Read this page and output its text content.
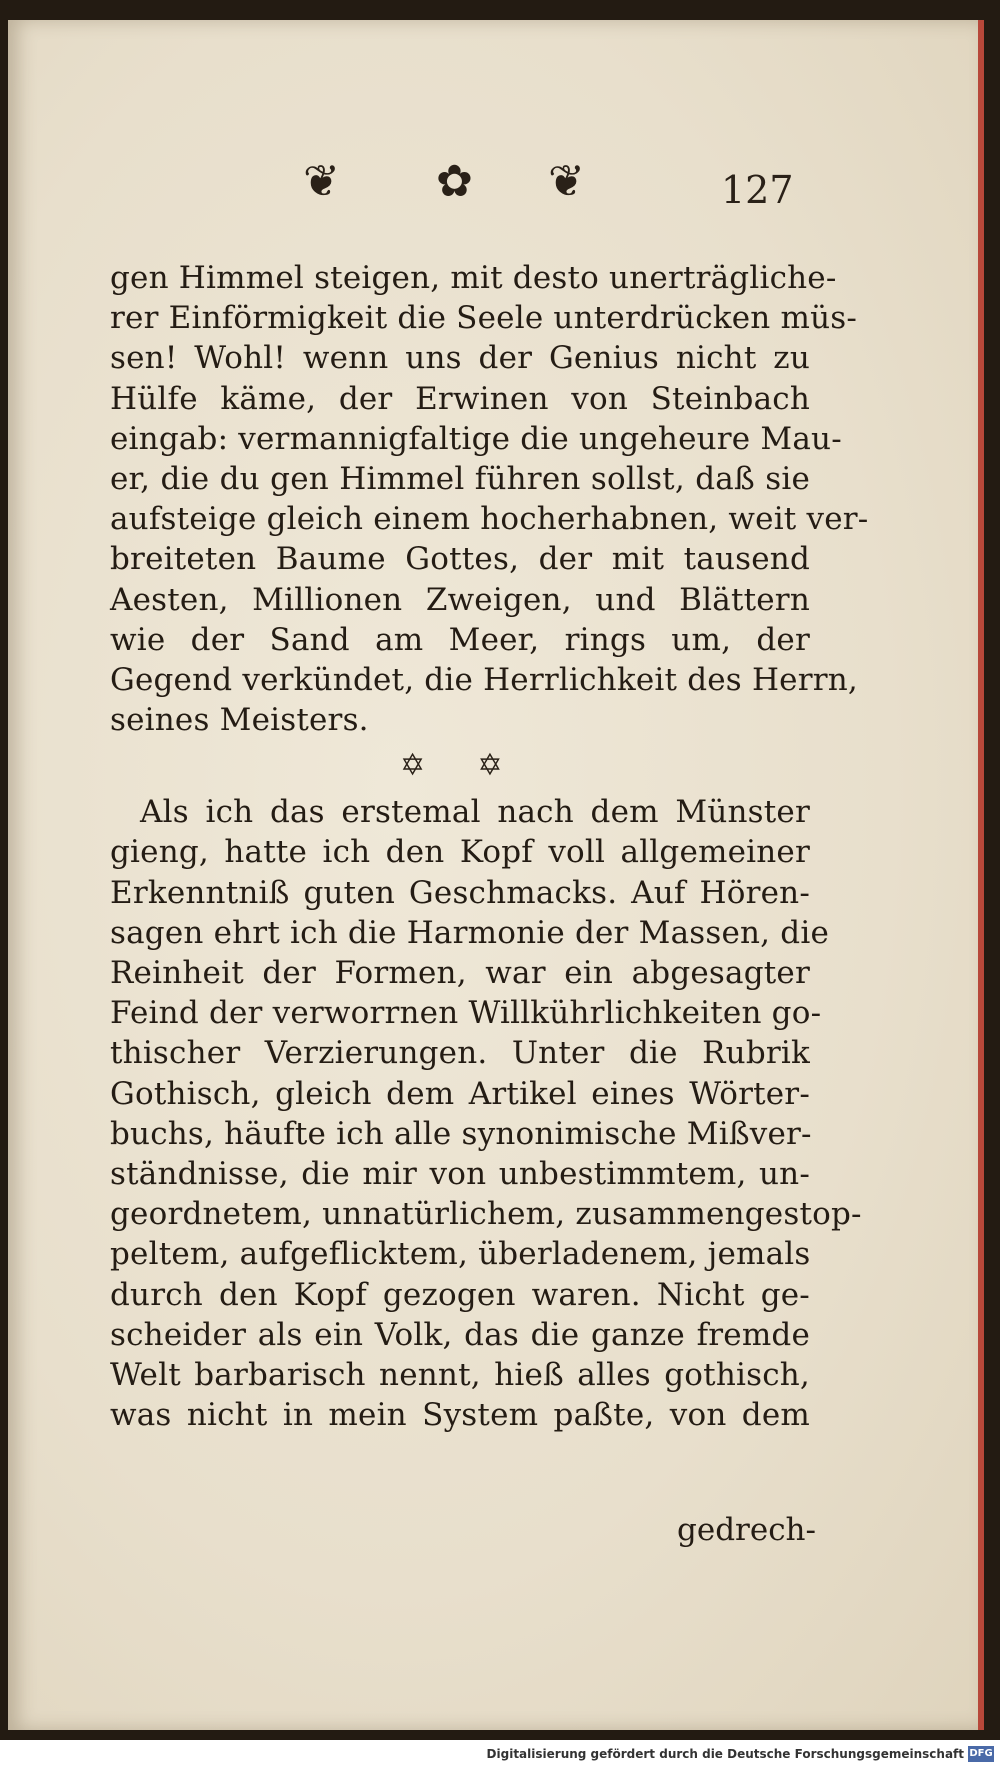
❦ ✿ ❦	127
gen Himmel steigen, mit desto unerträgliche-
rer Einförmigkeit die Seele unterdrücken müs-
sen! Wohl! wenn uns der Genius nicht zu
Hülfe käme, der Erwinen von Steinbach
eingab: vermannigfaltige die ungeheure Mau-
er, die du gen Himmel führen sollst, daß sie
aufsteige gleich einem hocherhabnen, weit ver-
breiteten Baume Gottes, der mit tausend
Aesten, Millionen Zweigen, und Blättern
wie der Sand am Meer, rings um, der
Gegend verkündet, die Herrlichkeit des Herrn,
seines Meisters.
✡ ✡
Als ich das erstemal nach dem Münster
gieng, hatte ich den Kopf voll allgemeiner
Erkenntniß guten Geschmacks. Auf Hören-
sagen ehrt ich die Harmonie der Massen, die
Reinheit der Formen, war ein abgesagter
Feind der verworrnen Willkührlichkeiten go-
thischer Verzierungen. Unter die Rubrik
Gothisch, gleich dem Artikel eines Wörter-
buchs, häufte ich alle synonimische Mißver-
ständnisse, die mir von unbestimmtem, un-
geordnetem, unnatürlichem, zusammengestop-
peltem, aufgeflicktem, überladenem, jemals
durch den Kopf gezogen waren. Nicht ge-
scheider als ein Volk, das die ganze fremde
Welt barbarisch nennt, hieß alles gothisch,
was nicht in mein System paßte, von dem
gedrech-
Digitalisierung gefördert durch die Deutsche Forschungsgemeinschaft DFG
